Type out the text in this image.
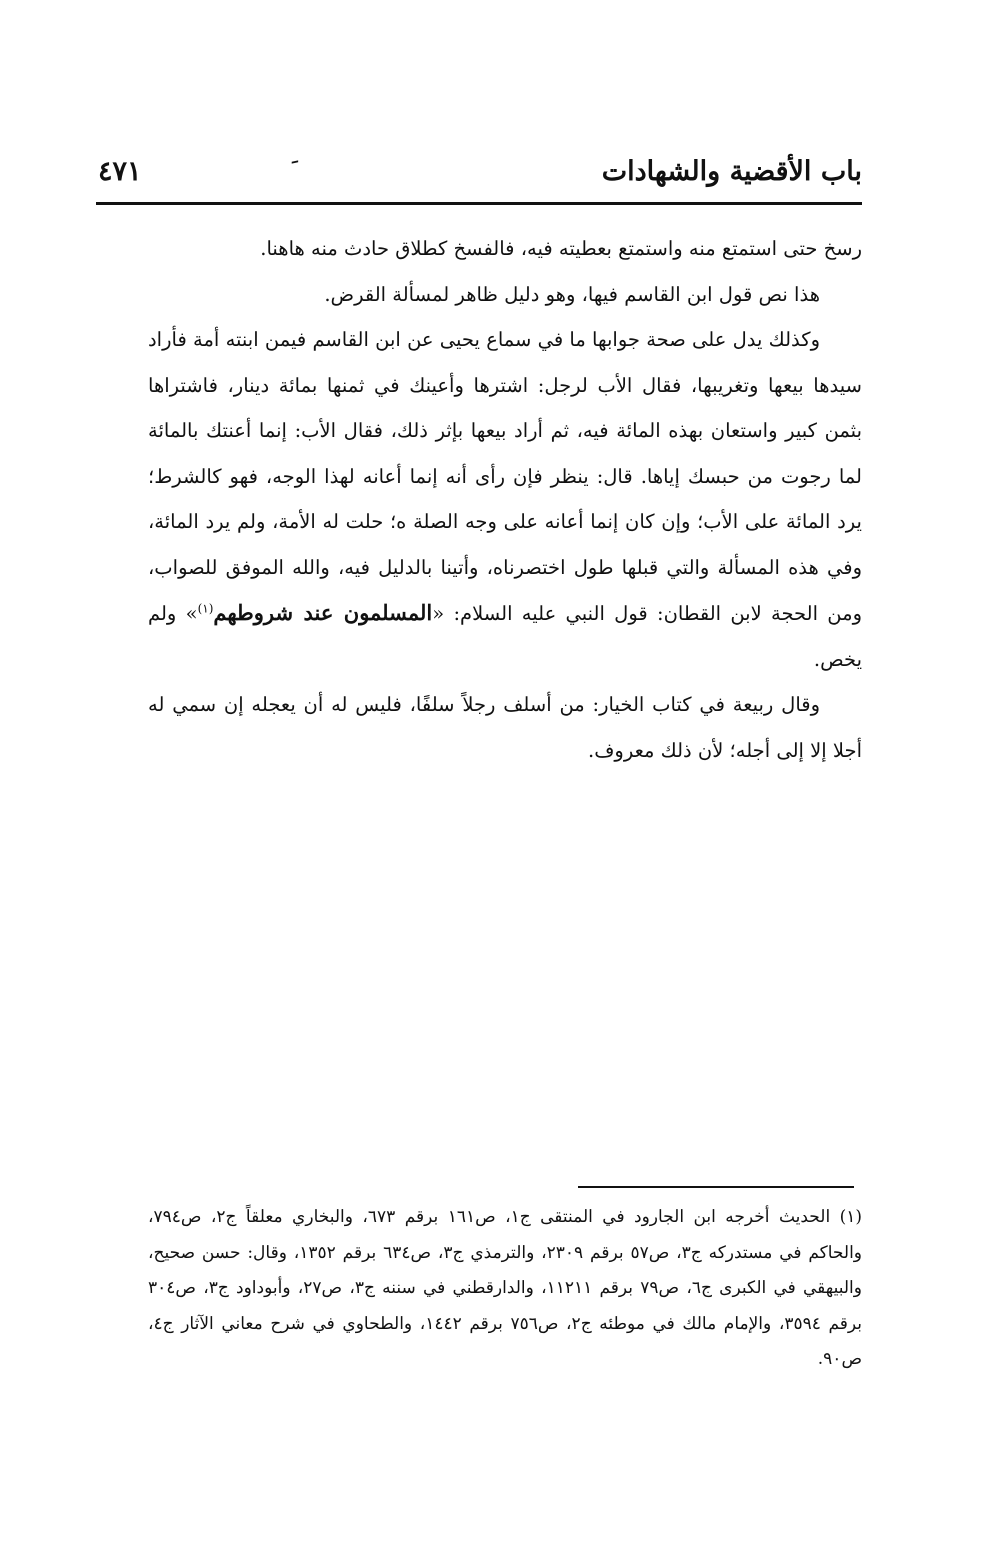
باب الأقضية والشهادات
ﹶ
٤٧١

رسخ حتى استمتع منه واستمتع بعطيته فيه، فالفسخ كطلاق حادث منه هاهنا.

هذا نص قول ابن القاسم فيها، وهو دليل ظاهر لمسألة القرض.

وكذلك يدل على صحة جوابها ما في سماع يحيى عن ابن القاسم فيمن ابنته أمة فأراد سيدها بيعها وتغريبها، فقال الأب لرجل: اشترها وأعينك في ثمنها بمائة دينار، فاشتراها بثمن كبير واستعان بهذه المائة فيه، ثم أراد بيعها بإثر ذلك، فقال الأب: إنما أعنتك بالمائة لما رجوت من حبسك إياها. قال: ينظر فإن رأى أنه إنما أعانه لهذا الوجه، فهو كالشرط؛ يرد المائة على الأب؛ وإن كان إنما أعانه على وجه الصلة ه؛ حلت له الأمة، ولم يرد المائة، وفي هذه المسألة والتي قبلها طول اختصرناه، وأتينا بالدليل فيه، والله الموفق للصواب، ومن الحجة لابن القطان: قول النبي عليه السلام: «المسلمون عند شروطهم$^{(١)}$» ولم يخص.

وقال ربيعة في كتاب الخيار: من أسلف رجلاً سلفًا، فليس له أن يعجله إن سمي له أجلا إلا إلى أجله؛ لأن ذلك معروف.

(١) الحديث أخرجه ابن الجارود في المنتقى ج١، ص١٦١ برقم ٦٧٣، والبخاري معلقاً ج٢، ص٧٩٤، والحاكم في مستدركه ج٣، ص٥٧ برقم ٢٣٠٩، والترمذي ج٣، ص٦٣٤ برقم ١٣٥٢، وقال: حسن صحيح، والبيهقي في الكبرى ج٦، ص٧٩ برقم ١١٢١١، والدارقطني في سننه ج٣، ص٢٧، وأبوداود ج٣، ص٣٠٤ برقم ٣٥٩٤، والإمام مالك في موطئه ج٢، ص٧٥٦ برقم ١٤٤٢، والطحاوي في شرح معاني الآثار ج٤، ص٩٠.
